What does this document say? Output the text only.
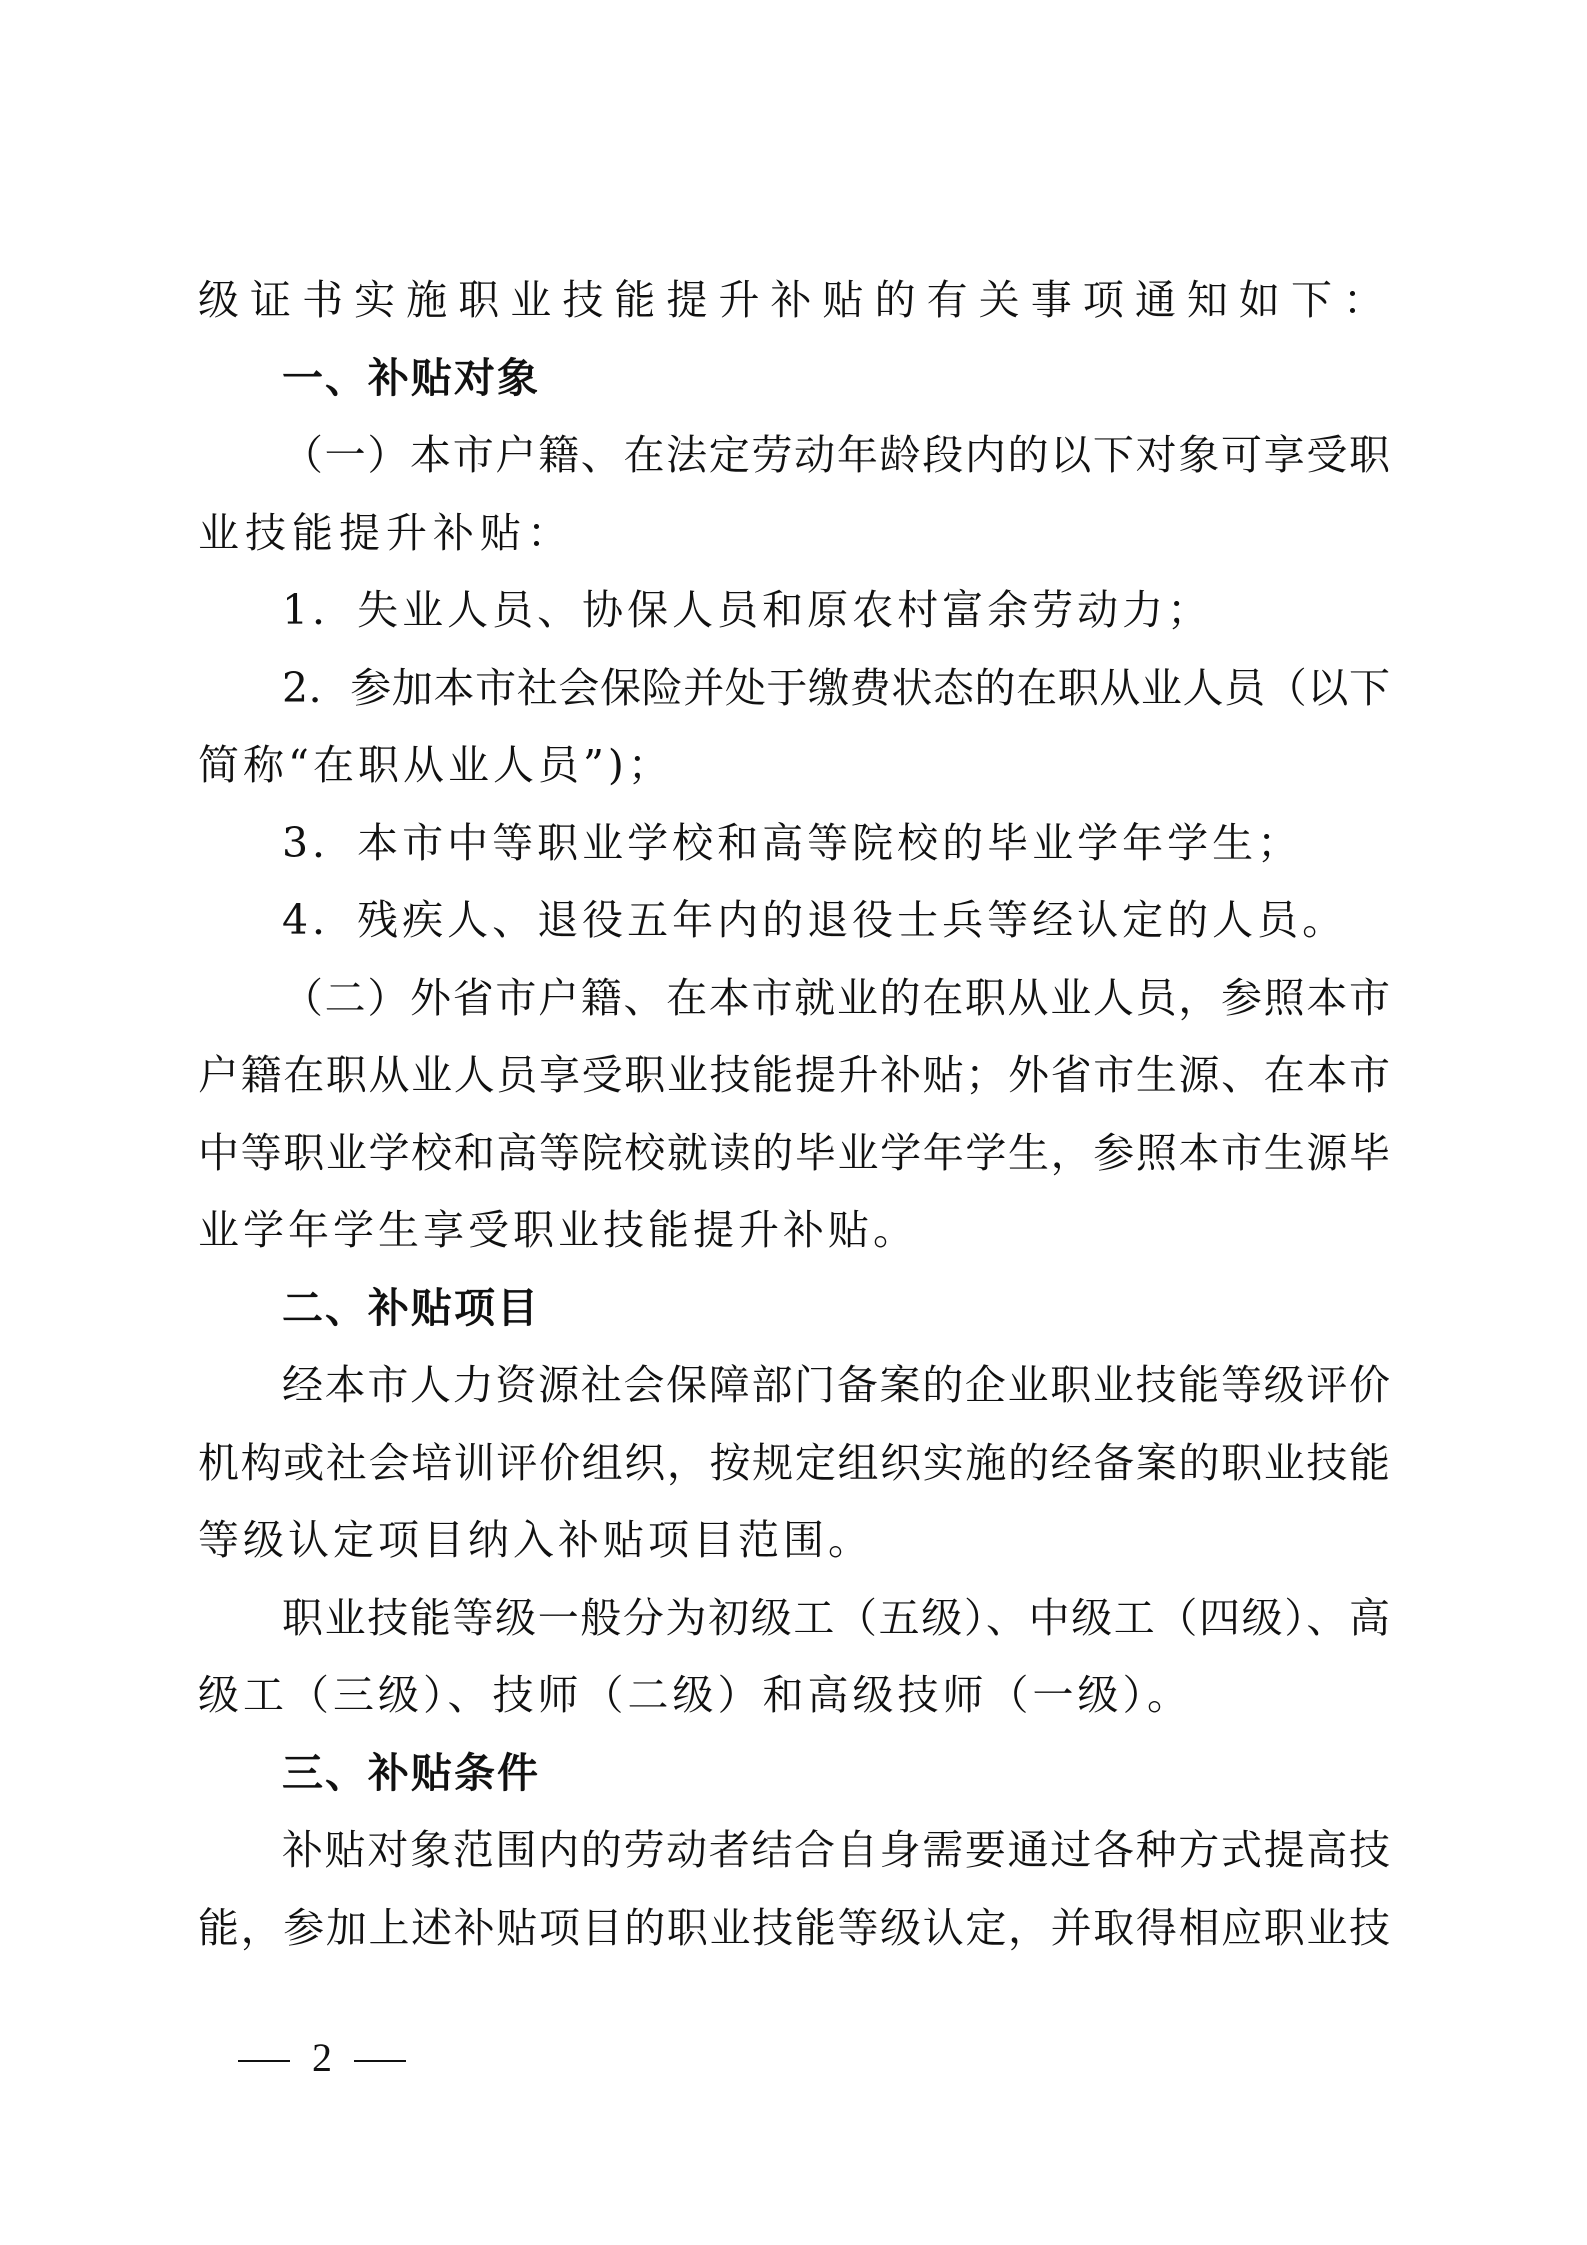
级证书实施职业技能提升补贴的有关事项通知如下：
一、补贴对象
（一）本市户籍、在法定劳动年龄段内的以下对象可享受职
业技能提升补贴：
1．失业人员、协保人员和原农村富余劳动力；
2．参加本市社会保险并处于缴费状态的在职从业人员（以下
简称“在职从业人员”)；
3．本市中等职业学校和高等院校的毕业学年学生；
4．残疾人、退役五年内的退役士兵等经认定的人员。
（二）外省市户籍、在本市就业的在职从业人员，参照本市
户籍在职从业人员享受职业技能提升补贴；外省市生源、在本市
中等职业学校和高等院校就读的毕业学年学生，参照本市生源毕
业学年学生享受职业技能提升补贴。
二、补贴项目
经本市人力资源社会保障部门备案的企业职业技能等级评价
机构或社会培训评价组织，按规定组织实施的经备案的职业技能
等级认定项目纳入补贴项目范围。
职业技能等级一般分为初级工（五级）、中级工（四级）、高
级工（三级）、技师（二级）和高级技师（一级）。
三、补贴条件
补贴对象范围内的劳动者结合自身需要通过各种方式提高技
能，参加上述补贴项目的职业技能等级认定，并取得相应职业技
2
